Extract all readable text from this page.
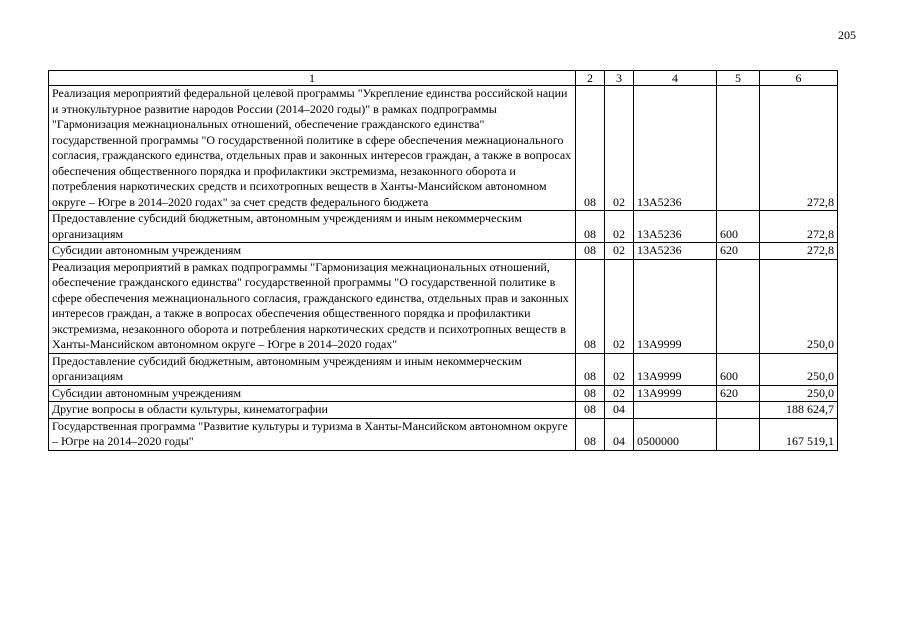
205
1	2	3	4	5	6
Реализация мероприятий федеральной целевой программы "Укрепление единства российской нации и этнокультурное развитие народов России (2014–2020 годы)" в рамках подпрограммы "Гармонизация межнациональных отношений, обеспечение гражданского единства" государственной программы "О государственной политике в сфере обеспечения межнационального согласия, гражданского единства, отдельных прав и законных интересов граждан, а также в вопросах обеспечения общественного порядка и профилактики экстремизма, незаконного оборота и потребления наркотических средств и психотропных веществ в Ханты-Мансийском автономном округе – Югре в 2014–2020 годах" за счет средств федерального бюджета	08	02	13А5236		272,8
Предоставление субсидий бюджетным, автономным учреждениям и иным некоммерческим организациям	08	02	13А5236	600	272,8
Субсидии автономным учреждениям	08	02	13А5236	620	272,8
Реализация мероприятий в рамках подпрограммы "Гармонизация межнациональных отношений, обеспечение гражданского единства" государственной программы "О государственной политике в сфере обеспечения межнационального согласия, гражданского единства, отдельных прав и законных интересов граждан, а также в вопросах обеспечения общественного порядка и профилактики экстремизма, незаконного оборота и потребления наркотических средств и психотропных веществ в Ханты-Мансийском автономном округе – Югре в 2014–2020 годах"	08	02	13А9999		250,0
Предоставление субсидий бюджетным, автономным учреждениям и иным некоммерческим организациям	08	02	13А9999	600	250,0
Субсидии автономным учреждениям	08	02	13А9999	620	250,0
Другие вопросы в области культуры, кинематографии	08	04			188 624,7
Государственная программа "Развитие культуры и туризма в Ханты-Мансийском автономном округе – Югре на 2014–2020 годы"	08	04	0500000		167 519,1
